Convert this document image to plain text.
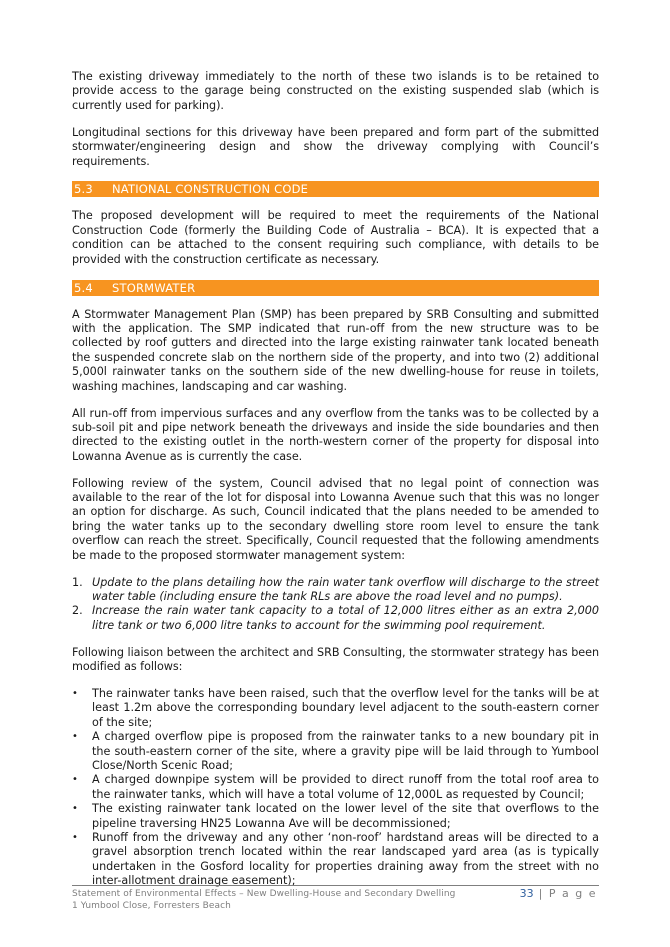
The existing driveway immediately to the north of these two islands is to be retained to provide access to the garage being constructed on the existing suspended slab (which is currently used for parking).

Longitudinal sections for this driveway have been prepared and form part of the submitted stormwater/engineering design and show the driveway complying with Council’s requirements.

5.3	NATIONAL CONSTRUCTION CODE

The proposed development will be required to meet the requirements of the National Construction Code (formerly the Building Code of Australia – BCA). It is expected that a condition can be attached to the consent requiring such compliance, with details to be provided with the construction certificate as necessary.

5.4	STORMWATER

A Stormwater Management Plan (SMP) has been prepared by SRB Consulting and submitted with the application. The SMP indicated that run-off from the new structure was to be collected by roof gutters and directed into the large existing rainwater tank located beneath the suspended concrete slab on the northern side of the property, and into two (2) additional 5,000l rainwater tanks on the southern side of the new dwelling-house for reuse in toilets, washing machines, landscaping and car washing.

All run-off from impervious surfaces and any overflow from the tanks was to be collected by a sub-soil pit and pipe network beneath the driveways and inside the side boundaries and then directed to the existing outlet in the north-western corner of the property for disposal into Lowanna Avenue as is currently the case.

Following review of the system, Council advised that no legal point of connection was available to the rear of the lot for disposal into Lowanna Avenue such that this was no longer an option for discharge. As such, Council indicated that the plans needed to be amended to bring the water tanks up to the secondary dwelling store room level to ensure the tank overflow can reach the street. Specifically, Council requested that the following amendments be made to the proposed stormwater management system:

1. Update to the plans detailing how the rain water tank overflow will discharge to the street water table (including ensure the tank RLs are above the road level and no pumps).
2. Increase the rain water tank capacity to a total of 12,000 litres either as an extra 2,000 litre tank or two 6,000 litre tanks to account for the swimming pool requirement.

Following liaison between the architect and SRB Consulting, the stormwater strategy has been modified as follows:

•	The rainwater tanks have been raised, such that the overflow level for the tanks will be at least 1.2m above the corresponding boundary level adjacent to the south-eastern corner of the site;
•	A charged overflow pipe is proposed from the rainwater tanks to a new boundary pit in the south-eastern corner of the site, where a gravity pipe will be laid through to Yumbool Close/North Scenic Road;
•	A charged downpipe system will be provided to direct runoff from the total roof area to the rainwater tanks, which will have a total volume of 12,000L as requested by Council;
•	The existing rainwater tank located on the lower level of the site that overflows to the pipeline traversing HN25 Lowanna Ave will be decommissioned;
•	Runoff from the driveway and any other ‘non-roof’ hardstand areas will be directed to a gravel absorption trench located within the rear landscaped yard area (as is typically undertaken in the Gosford locality for properties draining away from the street with no inter-allotment drainage easement);
Statement of Environmental Effects – New Dwelling-House and Secondary Dwelling
1 Yumbool Close, Forresters Beach
33 | P a g e
